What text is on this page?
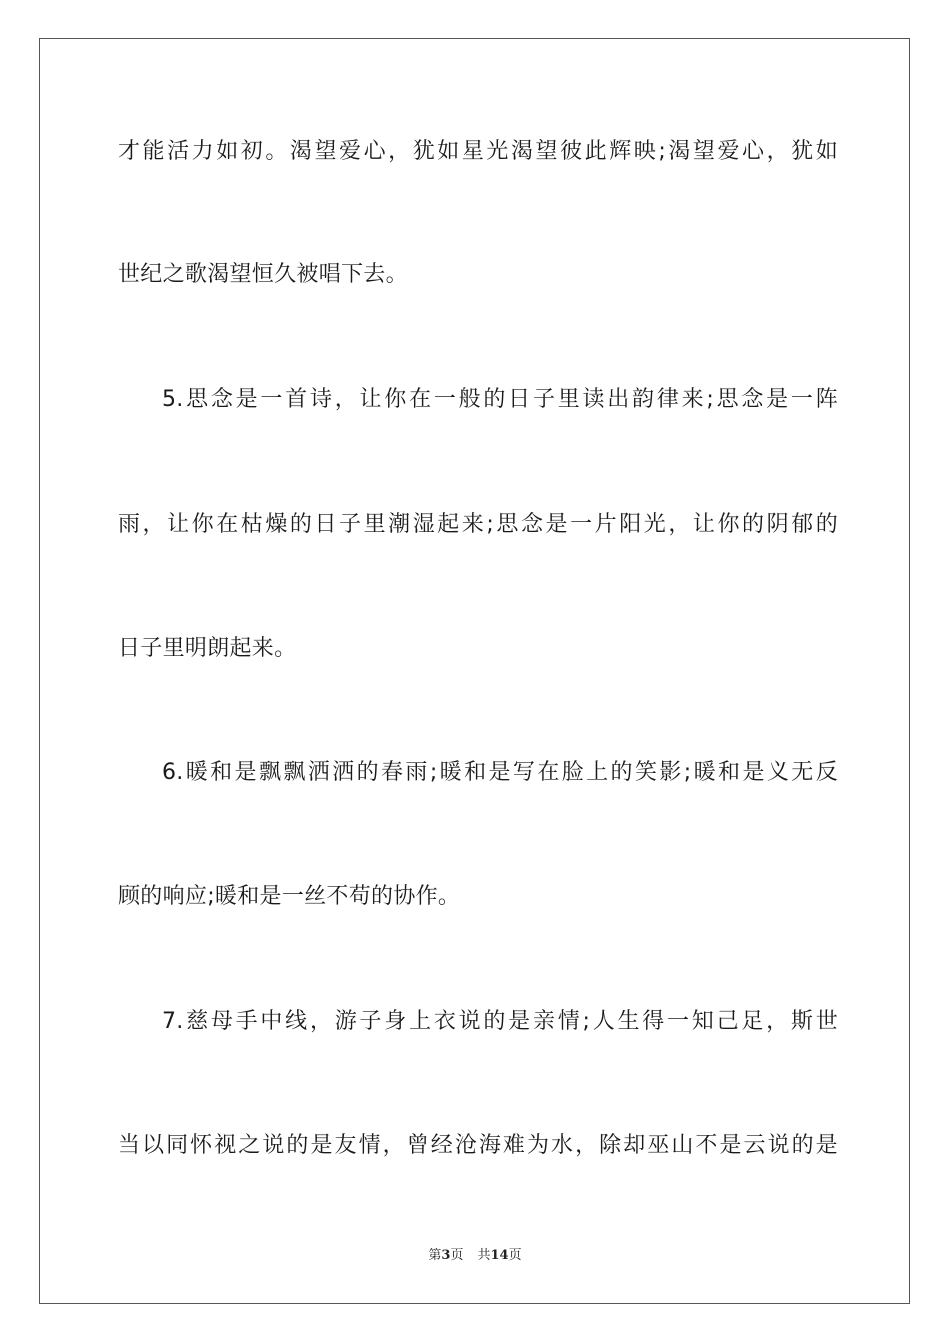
才能活力如初。渴望爱心，犹如星光渴望彼此辉映;渴望爱心，犹如
世纪之歌渴望恒久被唱下去。
5.思念是一首诗，让你在一般的日子里读出韵律来;思念是一阵
雨，让你在枯燥的日子里潮湿起来;思念是一片阳光，让你的阴郁的
日子里明朗起来。
6.暖和是飘飘洒洒的春雨;暖和是写在脸上的笑影;暖和是义无反
顾的响应;暖和是一丝不苟的协作。
7.慈母手中线，游子身上衣说的是亲情;人生得一知己足，斯世
当以同怀视之说的是友情，曾经沧海难为水，除却巫山不是云说的是
第3页 共14页
